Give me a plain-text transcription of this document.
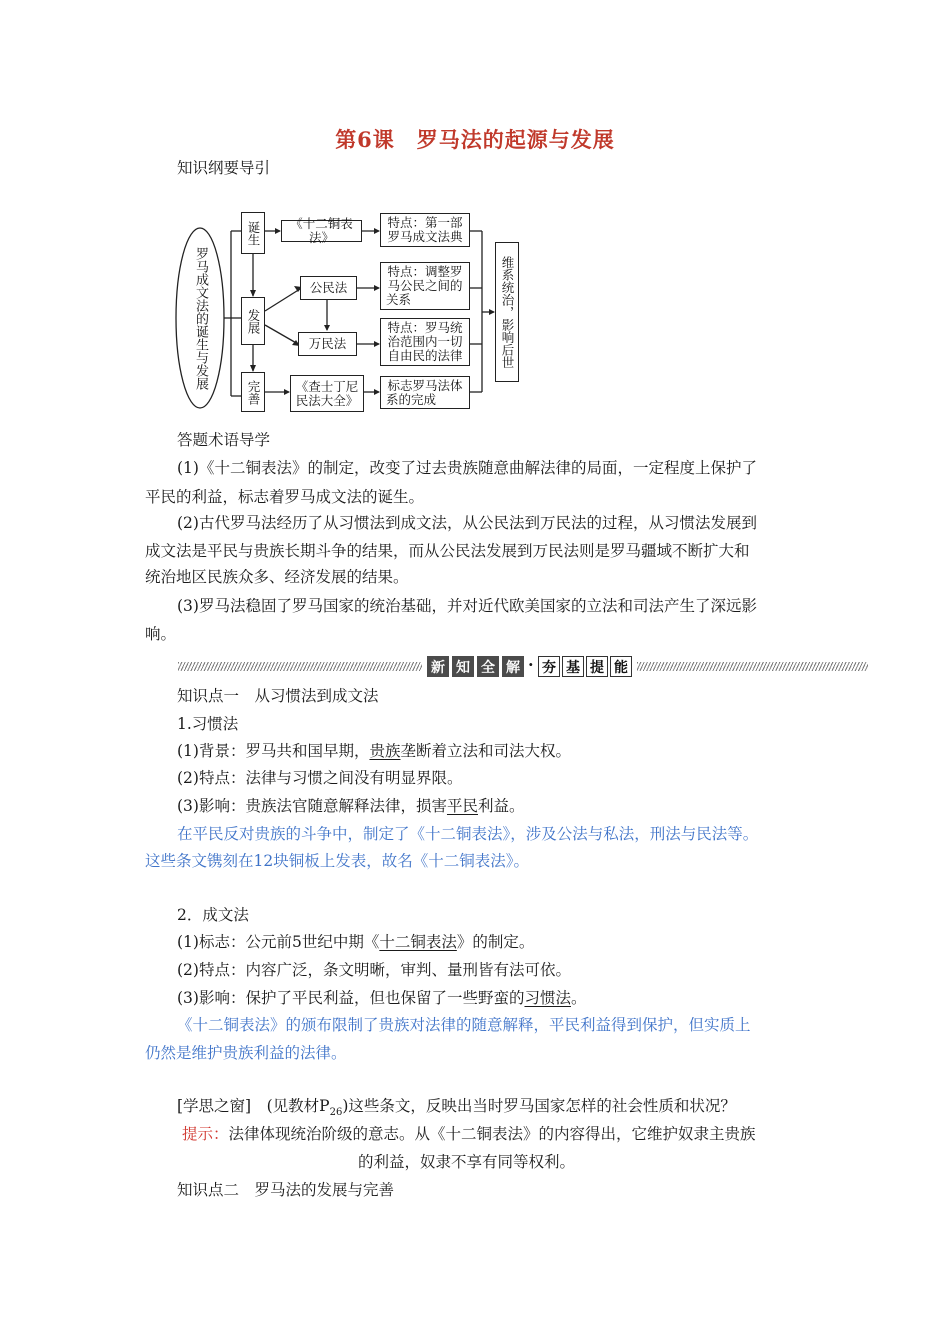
第6课　罗马法的起源与发展
知识纲要导引
罗马成文法的诞生与发展
诞生
发展
完善
《十二铜表法》
特点：第一部
罗马成文法典
公民法
特点：调整罗
马公民之间的
关系
万民法
特点：罗马统
治范围内一切
自由民的法律
《查士丁尼
民法大全》
标志罗马法体
系的完成
维系统治，影响后世
答题术语导学
(1)《十二铜表法》的制定，改变了过去贵族随意曲解法律的局面，一定程度上保护了
平民的利益，标志着罗马成文法的诞生。
(2)古代罗马法经历了从习惯法到成文法，从公民法到万民法的过程，从习惯法发展到
成文法是平民与贵族长期斗争的结果，而从公民法发展到万民法则是罗马疆域不断扩大和
统治地区民族众多、经济发展的结果。
(3)罗马法稳固了罗马国家的统治基础，并对近代欧美国家的立法和司法产生了深远影
响。
新 知 全 解 · 夯 基 提 能
知识点一　从习惯法到成文法
1.习惯法
(1)背景：罗马共和国早期，贵族垄断着立法和司法大权。
(2)特点：法律与习惯之间没有明显界限。
(3)影响：贵族法官随意解释法律，损害平民利益。
在平民反对贵族的斗争中，制定了《十二铜表法》，涉及公法与私法，刑法与民法等。
这些条文镌刻在12块铜板上发表，故名《十二铜表法》。
2．成文法
(1)标志：公元前5世纪中期《十二铜表法》的制定。
(2)特点：内容广泛，条文明晰，审判、量刑皆有法可依。
(3)影响：保护了平民利益，但也保留了一些野蛮的习惯法。
《十二铜表法》的颁布限制了贵族对法律的随意解释，平民利益得到保护，但实质上
仍然是维护贵族利益的法律。
[学思之窗]　 (见教材$P_{26}$)这些条文，反映出当时罗马国家怎样的社会性质和状况？
提示：法律体现统治阶级的意志。从《十二铜表法》的内容得出，它维护奴隶主贵族
的利益，奴隶不享有同等权利。
知识点二　罗马法的发展与完善
